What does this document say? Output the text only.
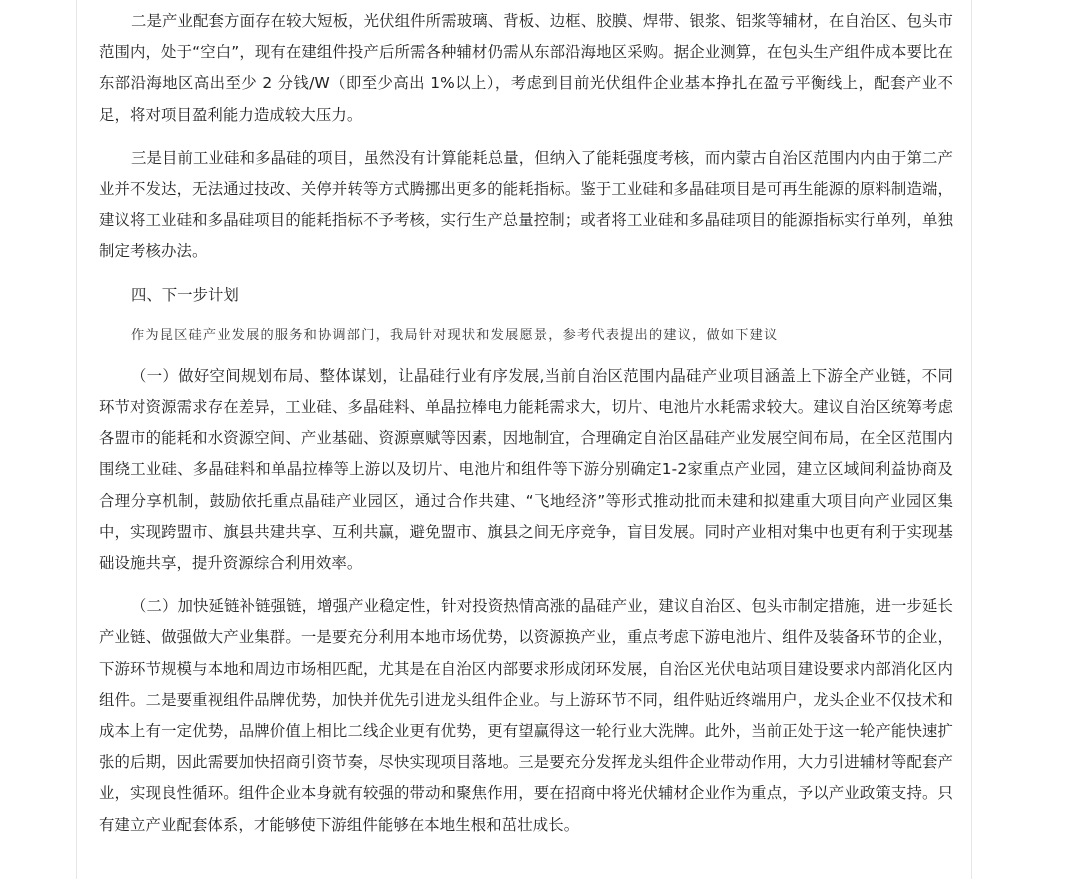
二是产业配套方面存在较大短板，光伏组件所需玻璃、背板、边框、胶膜、焊带、银浆、铝浆等辅材，在自治区、包头市范围内，处于“空白”，现有在建组件投产后所需各种辅材仍需从东部沿海地区采购。据企业测算，在包头生产组件成本要比在东部沿海地区高出至少 2 分钱/W（即至少高出 1%以上），考虑到目前光伏组件企业基本挣扎在盈亏平衡线上，配套产业不足，将对项目盈利能力造成较大压力。

三是目前工业硅和多晶硅的项目，虽然没有计算能耗总量，但纳入了能耗强度考核，而内蒙古自治区范围内内由于第二产业并不发达，无法通过技改、关停并转等方式腾挪出更多的能耗指标。鉴于工业硅和多晶硅项目是可再生能源的原料制造端，建议将工业硅和多晶硅项目的能耗指标不予考核，实行生产总量控制；或者将工业硅和多晶硅项目的能源指标实行单列，单独制定考核办法。

四、下一步计划

作为昆区硅产业发展的服务和协调部门，我局针对现状和发展愿景，参考代表提出的建议，做如下建议

（一）做好空间规划布局、整体谋划，让晶硅行业有序发展,当前自治区范围内晶硅产业项目涵盖上下游全产业链，不同环节对资源需求存在差异，工业硅、多晶硅料、单晶拉棒电力能耗需求大，切片、电池片水耗需求较大。建议自治区统筹考虑各盟市的能耗和水资源空间、产业基础、资源禀赋等因素，因地制宜，合理确定自治区晶硅产业发展空间布局，在全区范围内围绕工业硅、多晶硅料和单晶拉棒等上游以及切片、电池片和组件等下游分别确定1-2家重点产业园，建立区域间利益协商及合理分享机制，鼓励依托重点晶硅产业园区，通过合作共建、“飞地经济”等形式推动批而未建和拟建重大项目向产业园区集中，实现跨盟市、旗县共建共享、互利共赢，避免盟市、旗县之间无序竞争，盲目发展。同时产业相对集中也更有利于实现基础设施共享，提升资源综合利用效率。

（二）加快延链补链强链，增强产业稳定性，针对投资热情高涨的晶硅产业，建议自治区、包头市制定措施，进一步延长产业链、做强做大产业集群。一是要充分利用本地市场优势，以资源换产业，重点考虑下游电池片、组件及装备环节的企业，下游环节规模与本地和周边市场相匹配，尤其是在自治区内部要求形成闭环发展，自治区光伏电站项目建设要求内部消化区内组件。二是要重视组件品牌优势，加快并优先引进龙头组件企业。与上游环节不同，组件贴近终端用户，龙头企业不仅技术和成本上有一定优势，品牌价值上相比二线企业更有优势，更有望赢得这一轮行业大洗牌。此外，当前正处于这一轮产能快速扩张的后期，因此需要加快招商引资节奏，尽快实现项目落地。三是要充分发挥龙头组件企业带动作用，大力引进辅材等配套产业，实现良性循环。组件企业本身就有较强的带动和聚焦作用，要在招商中将光伏辅材企业作为重点，予以产业政策支持。只有建立产业配套体系，才能够使下游组件能够在本地生根和茁壮成长。
